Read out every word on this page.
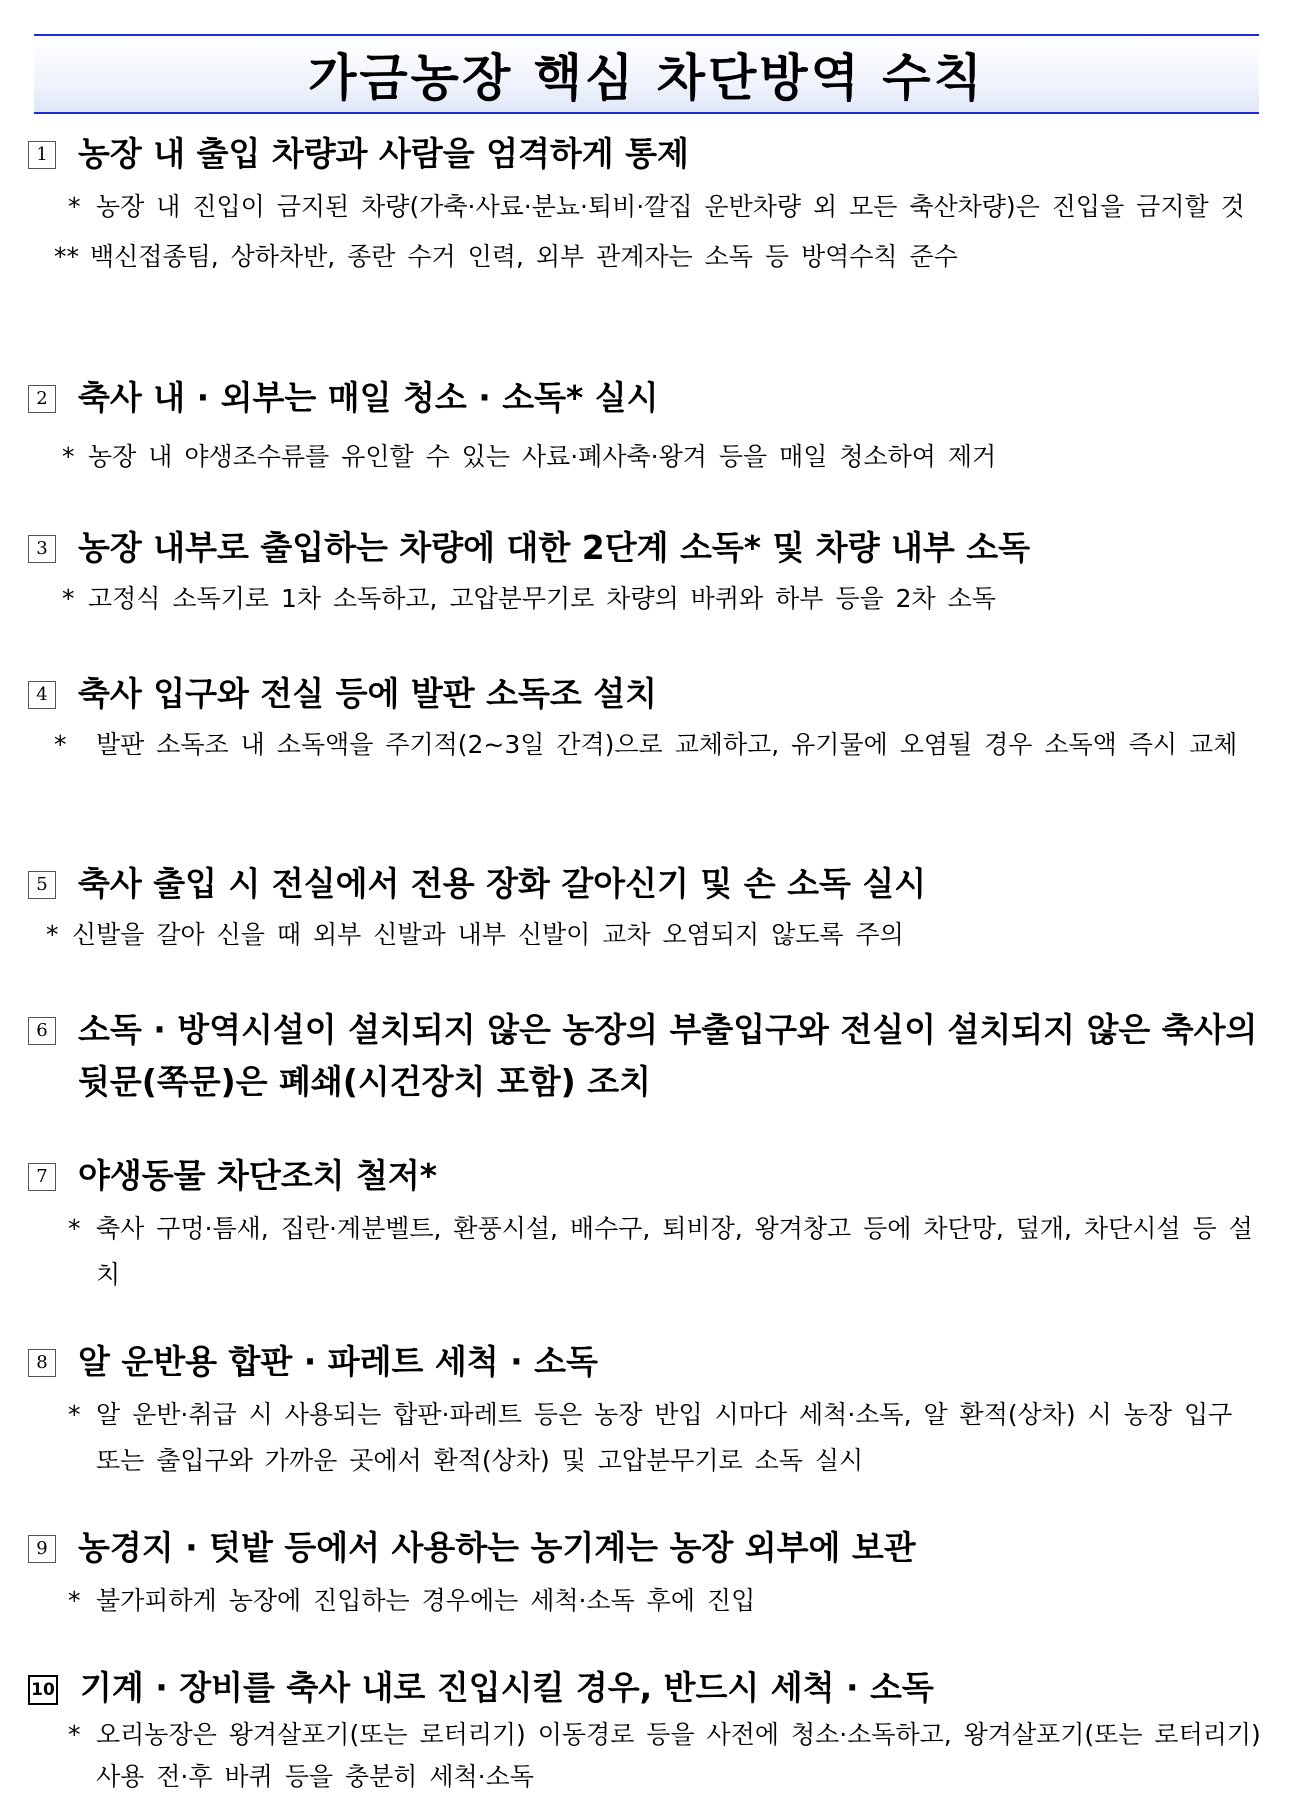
가금농장 핵심 차단방역 수칙
1 농장 내 출입 차량과 사람을 엄격하게 통제
* 농장 내 진입이 금지된 차량(가축·사료·분뇨·퇴비·깔집 운반차량 외 모든 축산차량)은 진입을 금지할 것
** 백신접종팀, 상하차반, 종란 수거 인력, 외부 관계자는 소독 등 방역수칙 준수
2 축사 내 · 외부는 매일 청소 · 소독* 실시
* 농장 내 야생조수류를 유인할 수 있는 사료·폐사축·왕겨 등을 매일 청소하여 제거
3 농장 내부로 출입하는 차량에 대한 2단계 소독* 및 차량 내부 소독
* 고정식 소독기로 1차 소독하고, 고압분무기로 차량의 바퀴와 하부 등을 2차 소독
4 축사 입구와 전실 등에 발판 소독조 설치
*	발판 소독조 내 소독액을 주기적(2~3일 간격)으로 교체하고, 유기물에 오염될 경우 소독액 즉시 교체
5 축사 출입 시 전실에서 전용 장화 갈아신기 및 손 소독 실시
* 신발을 갈아 신을 때 외부 신발과 내부 신발이 교차 오염되지 않도록 주의
6 소독 · 방역시설이 설치되지 않은 농장의 부출입구와 전실이 설치되지 않은 축사의 뒷문(쪽문)은 폐쇄(시건장치 포함) 조치
7 야생동물 차단조치 철저*
* 축사 구멍·틈새, 집란·계분벨트, 환풍시설, 배수구, 퇴비장, 왕겨창고 등에 차단망, 덮개, 차단시설 등 설치
8 알 운반용 합판 · 파레트 세척 · 소독
* 알 운반·취급 시 사용되는 합판·파레트 등은 농장 반입 시마다 세척·소독, 알 환적(상차) 시 농장 입구 또는 출입구와 가까운 곳에서 환적(상차) 및 고압분무기로 소독 실시
9 농경지 · 텃밭 등에서 사용하는 농기계는 농장 외부에 보관
* 불가피하게 농장에 진입하는 경우에는 세척·소독 후에 진입
10 기계 · 장비를 축사 내로 진입시킬 경우, 반드시 세척 · 소독
* 오리농장은 왕겨살포기(또는 로터리기) 이동경로 등을 사전에 청소·소독하고, 왕겨살포기(또는 로터리기) 사용 전·후 바퀴 등을 충분히 세척·소독
